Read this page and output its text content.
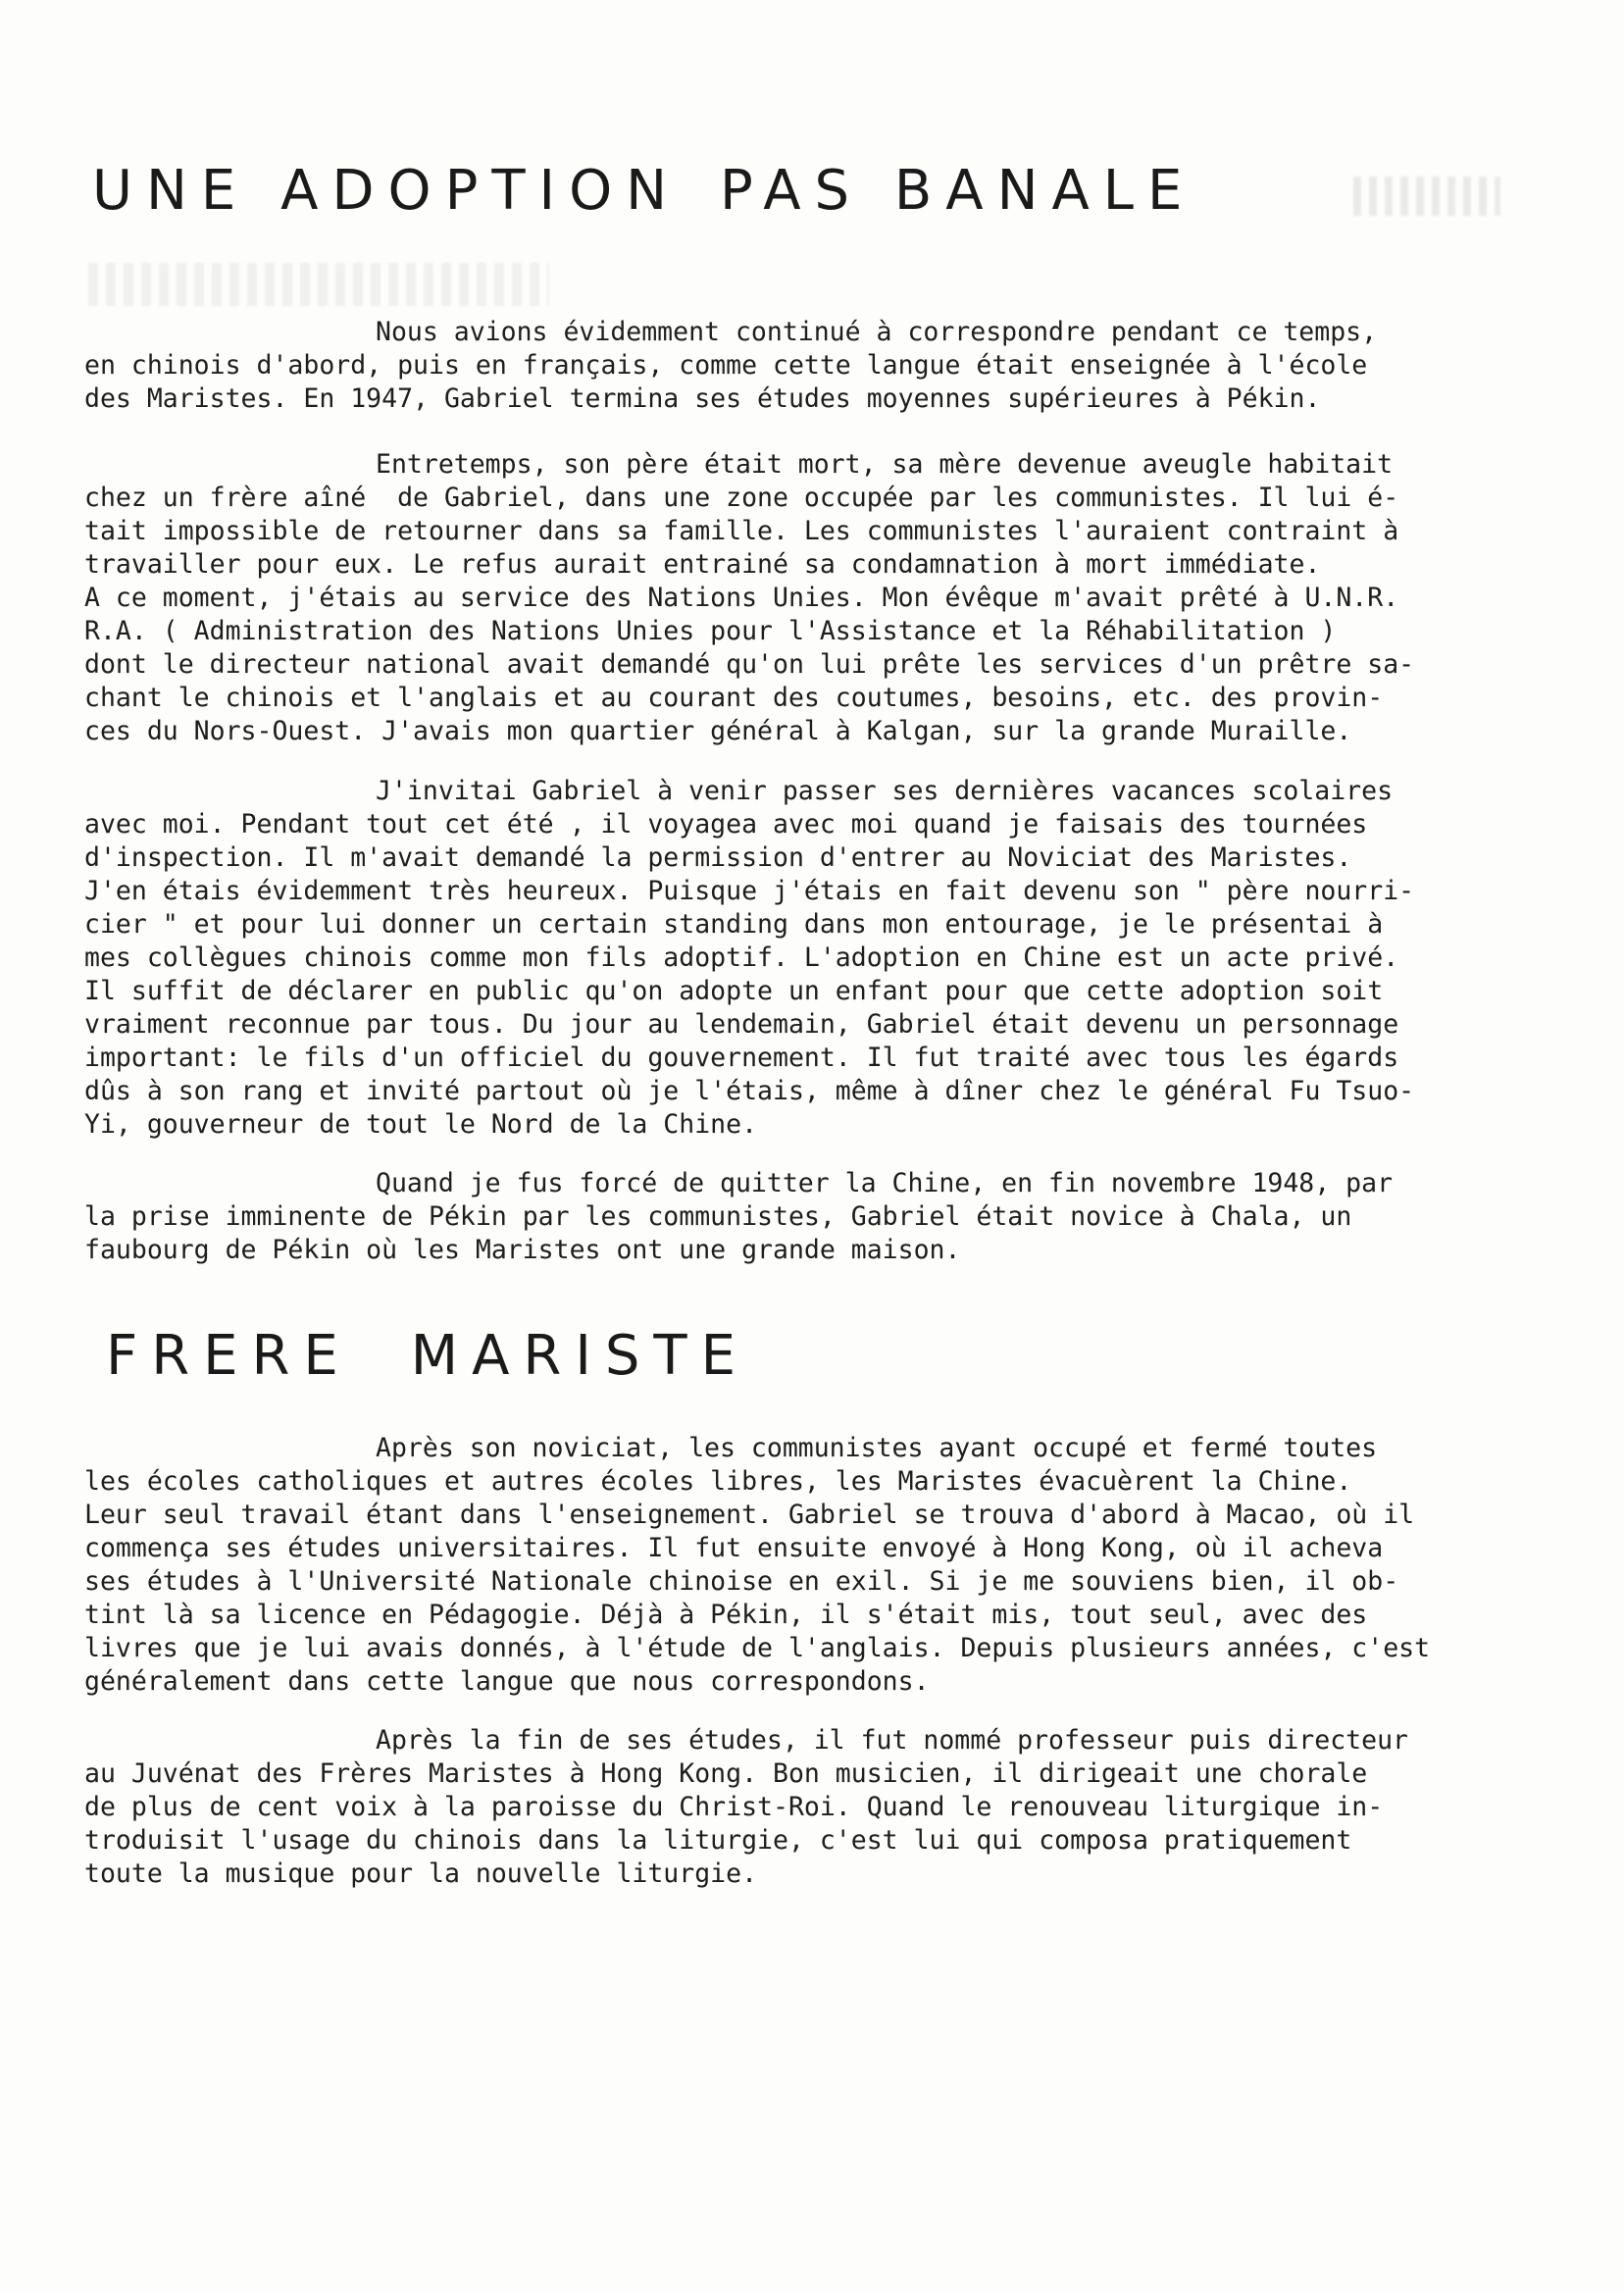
UNE ADOPTION PAS BANALE
Nous avions évidemment continué à correspondre pendant ce temps,
en chinois d'abord, puis en français, comme cette langue était enseignée à l'école
des Maristes. En 1947, Gabriel termina ses études moyennes supérieures à Pékin.
Entretemps, son père était mort, sa mère devenue aveugle habitait
chez un frère aîné  de Gabriel, dans une zone occupée par les communistes. Il lui é-
tait impossible de retourner dans sa famille. Les communistes l'auraient contraint à
travailler pour eux. Le refus aurait entrainé sa condamnation à mort immédiate.
A ce moment, j'étais au service des Nations Unies. Mon évêque m'avait prêté à U.N.R.
R.A. ( Administration des Nations Unies pour l'Assistance et la Réhabilitation )
dont le directeur national avait demandé qu'on lui prête les services d'un prêtre sa-
chant le chinois et l'anglais et au courant des coutumes, besoins, etc. des provin-
ces du Nors-Ouest. J'avais mon quartier général à Kalgan, sur la grande Muraille.
J'invitai Gabriel à venir passer ses dernières vacances scolaires
avec moi. Pendant tout cet été , il voyagea avec moi quand je faisais des tournées
d'inspection. Il m'avait demandé la permission d'entrer au Noviciat des Maristes.
J'en étais évidemment très heureux. Puisque j'étais en fait devenu son " père nourri-
cier " et pour lui donner un certain standing dans mon entourage, je le présentai à
mes collègues chinois comme mon fils adoptif. L'adoption en Chine est un acte privé.
Il suffit de déclarer en public qu'on adopte un enfant pour que cette adoption soit
vraiment reconnue par tous. Du jour au lendemain, Gabriel était devenu un personnage
important: le fils d'un officiel du gouvernement. Il fut traité avec tous les égards
dûs à son rang et invité partout où je l'étais, même à dîner chez le général Fu Tsuo-
Yi, gouverneur de tout le Nord de la Chine.
Quand je fus forcé de quitter la Chine, en fin novembre 1948, par
la prise imminente de Pékin par les communistes, Gabriel était novice à Chala, un
faubourg de Pékin où les Maristes ont une grande maison.
FRERE MARISTE
Après son noviciat, les communistes ayant occupé et fermé toutes
les écoles catholiques et autres écoles libres, les Maristes évacuèrent la Chine.
Leur seul travail étant dans l'enseignement. Gabriel se trouva d'abord à Macao, où il
commença ses études universitaires. Il fut ensuite envoyé à Hong Kong, où il acheva
ses études à l'Université Nationale chinoise en exil. Si je me souviens bien, il ob-
tint là sa licence en Pédagogie. Déjà à Pékin, il s'était mis, tout seul, avec des
livres que je lui avais donnés, à l'étude de l'anglais. Depuis plusieurs années, c'est
généralement dans cette langue que nous correspondons.
Après la fin de ses études, il fut nommé professeur puis directeur
au Juvénat des Frères Maristes à Hong Kong. Bon musicien, il dirigeait une chorale
de plus de cent voix à la paroisse du Christ-Roi. Quand le renouveau liturgique in-
troduisit l'usage du chinois dans la liturgie, c'est lui qui composa pratiquement
toute la musique pour la nouvelle liturgie.
